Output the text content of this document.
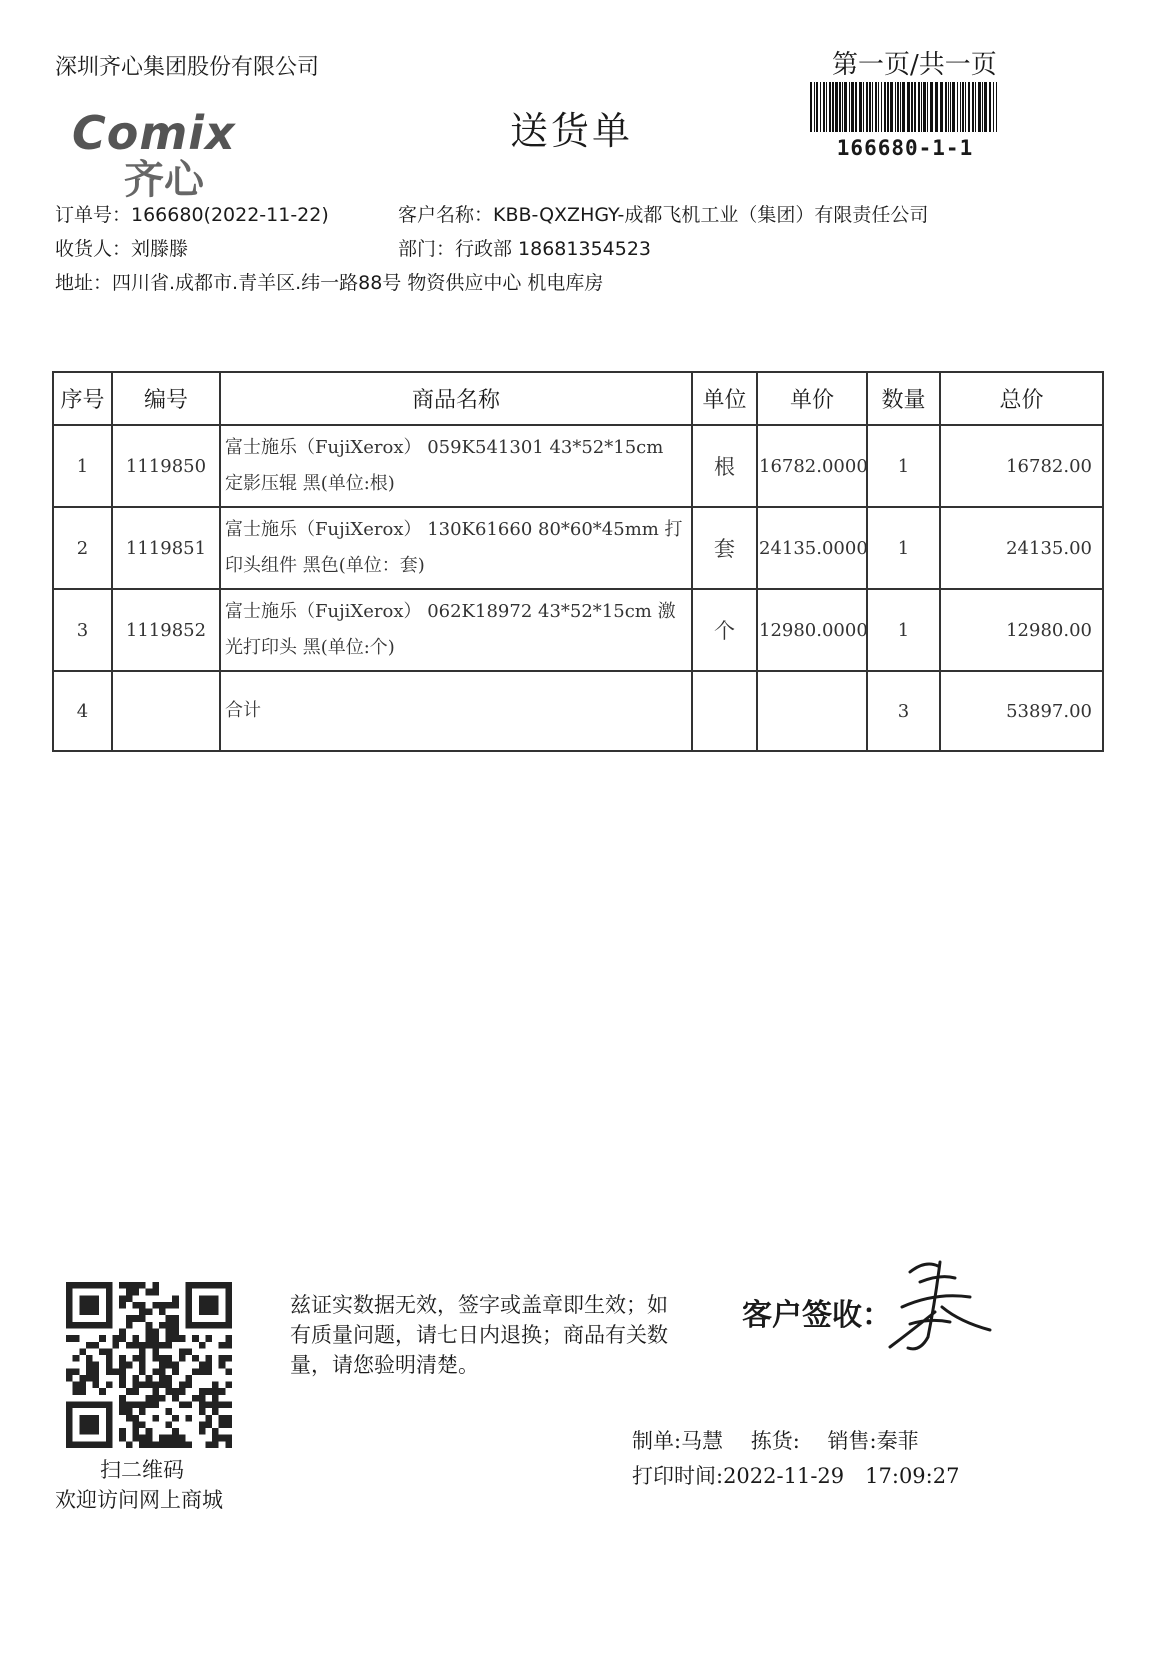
深圳齐心集团股份有限公司	第一页/共一页
166680-1-1
送货单
Comix
齐心
订单号：166680(2022-11-22)	客户名称：KBB-QXZHGY-成都飞机工业（集团）有限责任公司
收货人：刘滕滕	部门：行政部 18681354523
地址：四川省.成都市.青羊区.纬一路88号 物资供应中心 机电库房
序号	编号	商品名称	单位	单价	数量	总价
1	1119850	富士施乐（FujiXerox） 059K541301 43*52*15cm 定影压辊 黑(单位:根)	根	16782.0000	1	16782.00
2	1119851	富士施乐（FujiXerox） 130K61660 80*60*45mm 打印头组件 黑色(单位：套)	套	24135.0000	1	24135.00
3	1119852	富士施乐（FujiXerox） 062K18972 43*52*15cm 激光打印头 黑(单位:个)	个	12980.0000	1	12980.00
4		合计			3	53897.00
扫二维码
欢迎访问网上商城
兹证实数据无效，签字或盖章即生效；如有质量问题，请七日内退换；商品有关数量，请您验明清楚。
客户签收：
制单:马慧　 拣货:　 销售:秦菲
打印时间:2022-11-29　17:09:27
